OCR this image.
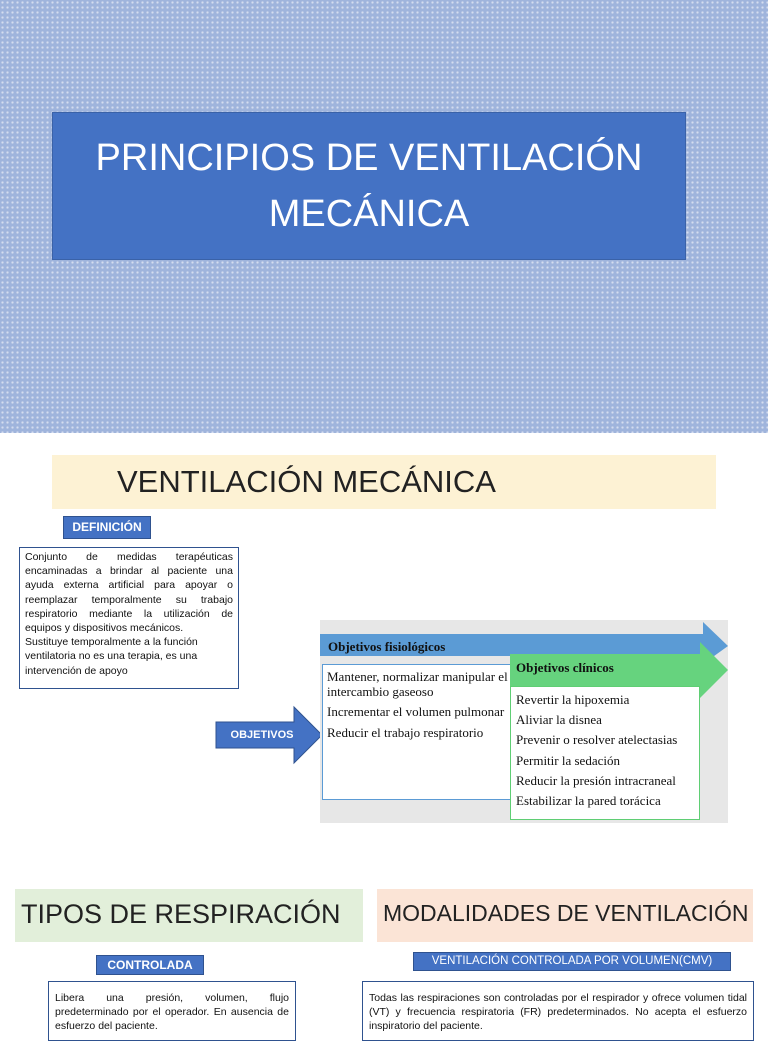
PRINCIPIOS DE VENTILACIÓN MECÁNICA
VENTILACIÓN MECÁNICA
DEFINICIÓN

Conjunto de medidas terapéuticas encaminadas a brindar al paciente una ayuda externa artificial para apoyar o reemplazar temporalmente su trabajo respiratorio mediante la utilización de equipos y dispositivos mecánicos.

Sustituye temporalmente a la función ventilatoria no es una terapia, es una intervención de apoyo

OBJETIVOS
Objetivos fisiológicos
Mantener, normalizar manipular el intercambio gaseoso
Incrementar el volumen pulmonar
Reducir el trabajo respiratorio
Objetivos clínicos
Revertir la hipoxemia
Aliviar la disnea
Prevenir o resolver atelectasias
Permitir la sedación
Reducir la presión intracraneal
Estabilizar la pared torácica
TIPOS DE RESPIRACIÓN
CONTROLADA
Libera una presión, volumen, flujo predeterminado por el operador. En ausencia de esfuerzo del paciente.
MODALIDADES DE VENTILACIÓN
VENTILACIÓN CONTROLADA POR VOLUMEN(CMV)
Todas las respiraciones son controladas por el respirador y ofrece volumen tidal (VT) y frecuencia respiratoria (FR) predeterminados. No acepta el esfuerzo inspiratorio del paciente.
